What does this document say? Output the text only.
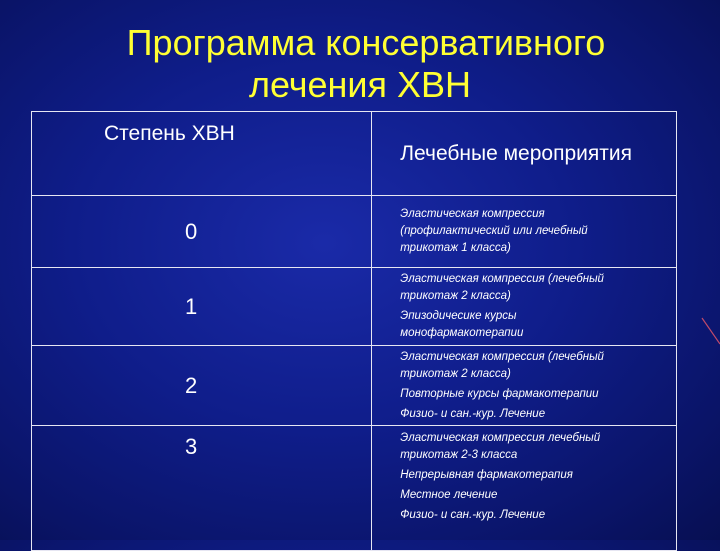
Программа консервативного
лечения ХВН
Степень ХВН	Лечебные мероприятия

0	Эластическая компрессия
(профилактический или лечебный
трикотаж 1 класса)

1	Эластическая компрессия (лечебный
трикотаж 2 класса)
Эпизодичесике курсы
монофармакотерапии

2	Эластическая компрессия (лечебный
трикотаж 2 класса)
Повторные курсы фармакотерапии
Физио- и сан.-кур. Лечение

3	Эластическая компрессия лечебный
трикотаж 2-3 класса
Непрерывная фармакотерапия
Местное лечение
Физио- и сан.-кур. Лечение
